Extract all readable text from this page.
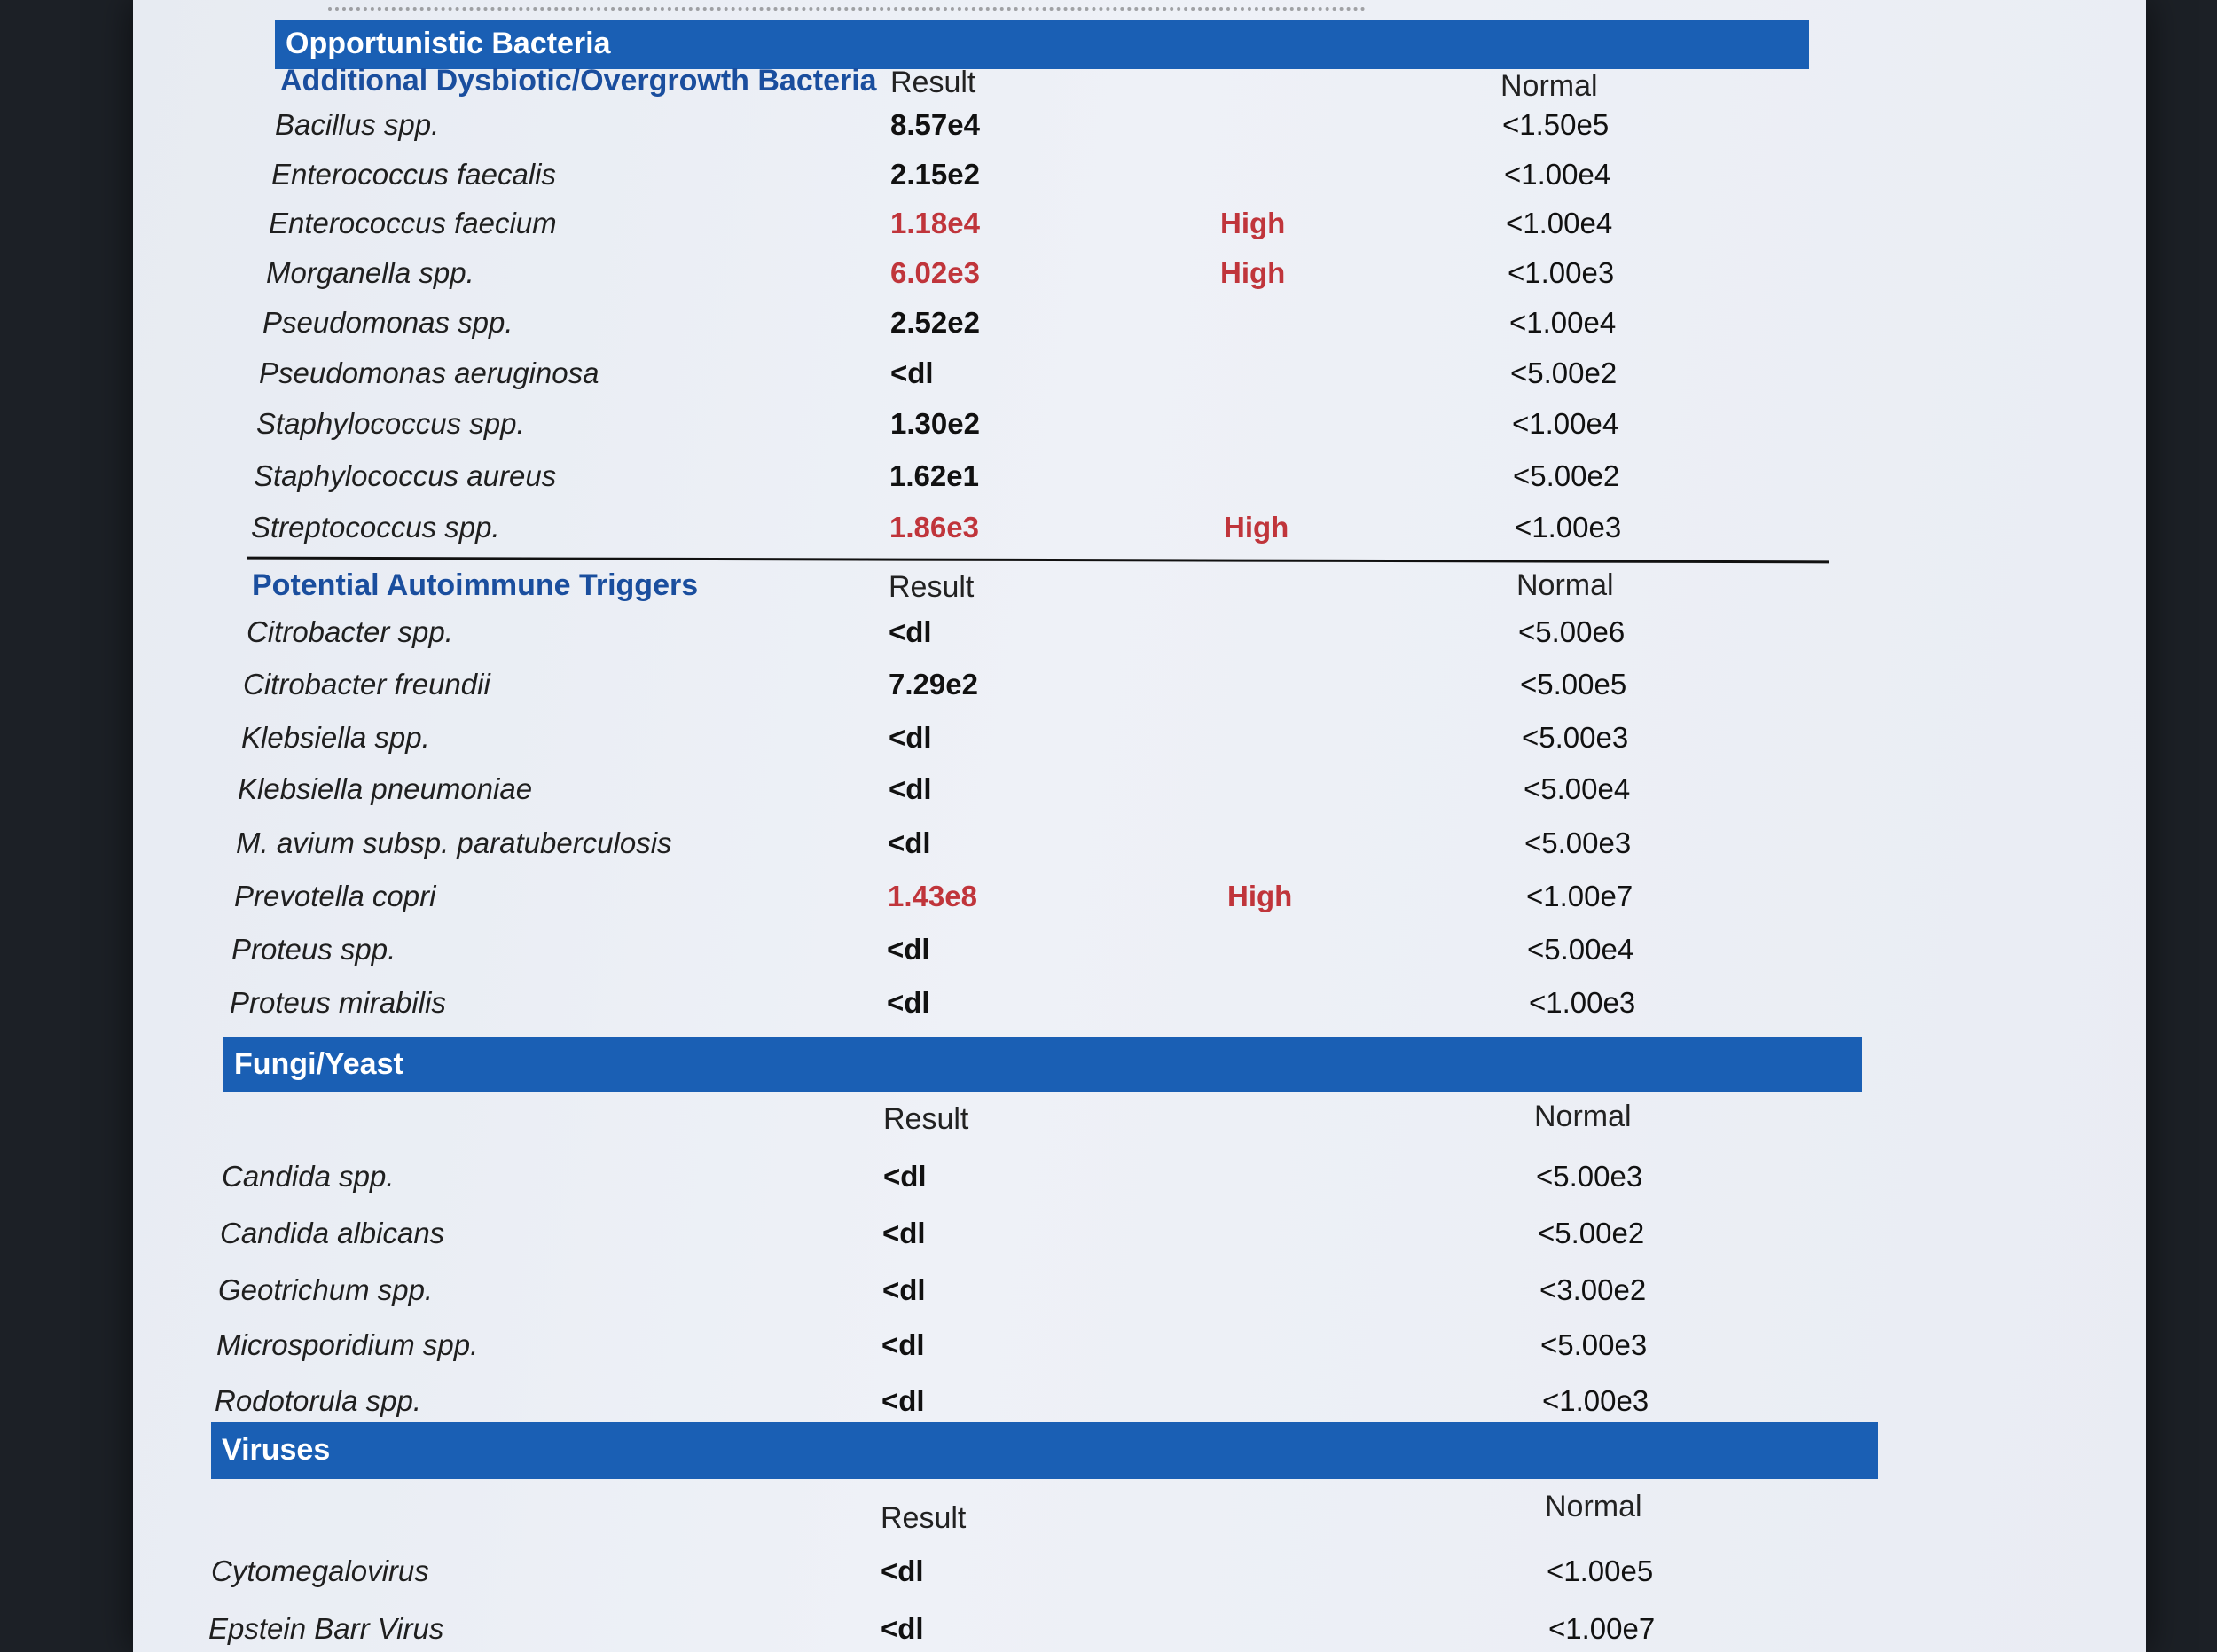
Opportunistic Bacteria
Additional Dysbiotic/Overgrowth Bacteria Result	Normal
Bacillus spp.	8.57e4	<1.50e5
Enterococcus faecalis	2.15e2	<1.00e4
Enterococcus faecium	1.18e4	High	<1.00e4
Morganella spp.	6.02e3	High	<1.00e3
Pseudomonas spp.	2.52e2	<1.00e4
Pseudomonas aeruginosa	<dl	<5.00e2
Staphylococcus spp.	1.30e2	<1.00e4
Staphylococcus aureus	1.62e1	<5.00e2
Streptococcus spp.	1.86e3	High	<1.00e3
Potential Autoimmune Triggers	Result	Normal
Citrobacter spp.	<dl	<5.00e6
Citrobacter freundii	7.29e2	<5.00e5
Klebsiella spp.	<dl	<5.00e3
Klebsiella pneumoniae	<dl	<5.00e4
M. avium subsp. paratuberculosis	<dl	<5.00e3
Prevotella copri	1.43e8	High	<1.00e7
Proteus spp.	<dl	<5.00e4
Proteus mirabilis	<dl	<1.00e3
Fungi/Yeast
Result	Normal
Candida spp.	<dl	<5.00e3
Candida albicans	<dl	<5.00e2
Geotrichum spp.	<dl	<3.00e2
Microsporidium spp.	<dl	<5.00e3
Rodotorula spp.	<dl	<1.00e3
Viruses
Result	Normal
Cytomegalovirus	<dl	<1.00e5
Epstein Barr Virus	<dl	<1.00e7
